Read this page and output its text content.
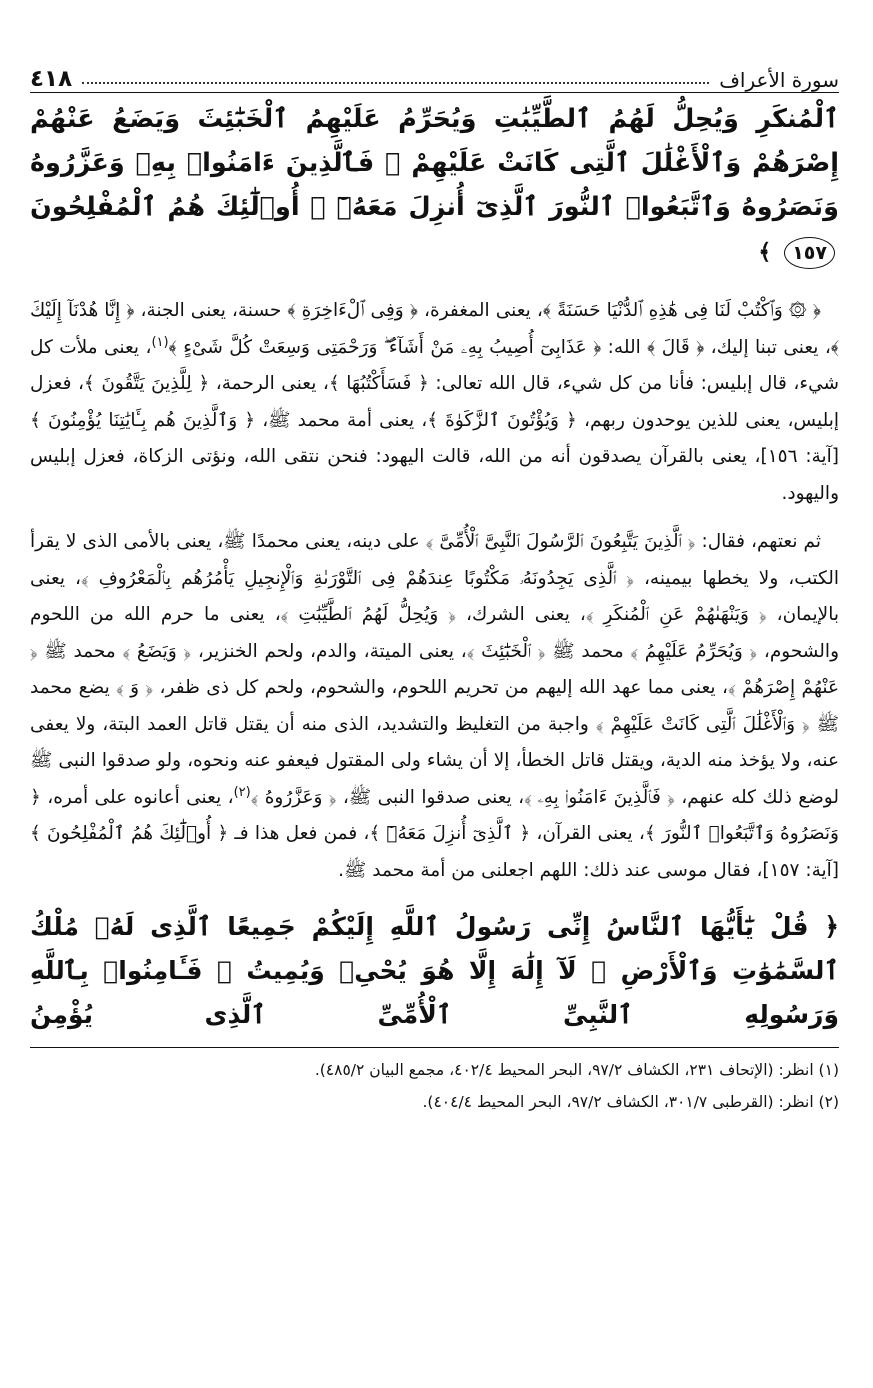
سورة الأعراف
٤١٨

ٱلْمُنكَرِ وَيُحِلُّ لَهُمُ ٱلطَّيِّبَٰتِ وَيُحَرِّمُ عَلَيْهِمُ ٱلْخَبَٰٓئِثَ وَيَضَعُ عَنْهُمْ إِصْرَهُمْ وَٱلْأَغْلَٰلَ ٱلَّتِى كَانَتْ عَلَيْهِمْ ۚ فَٱلَّذِينَ ءَامَنُوا۟ بِهِۦ وَعَزَّرُوهُ وَنَصَرُوهُ وَٱتَّبَعُوا۟ ٱلنُّورَ ٱلَّذِىٓ أُنزِلَ مَعَهُۥٓ ۙ أُو۟لَٰٓئِكَ هُمُ ٱلْمُفْلِحُونَ ١٥٧ ﴾

﴿ ۞ وَٱكْتُبْ لَنَا فِى هَٰذِهِ ٱلدُّنْيَا حَسَنَةً ﴾، يعنى المغفرة، ﴿ وَفِى ٱلْءَاخِرَةِ ﴾ حسنة، يعنى الجنة، ﴿ إِنَّا هُدْنَآ إِلَيْكَ ﴾، يعنى تبنا إليك، ﴿ قَالَ ﴾ الله: ﴿ عَذَابِىٓ أُصِيبُ بِهِۦ مَنْ أَشَآءُ ۖ وَرَحْمَتِى وَسِعَتْ كُلَّ شَىْءٍ ﴾$^{(١)}$، يعنى ملأت كل شيء، قال إبليس: فأنا من كل شيء، قال الله تعالى: ﴿ فَسَأَكْتُبُهَا ﴾، يعنى الرحمة، ﴿ لِلَّذِينَ يَتَّقُونَ ﴾، فعزل إبليس، يعنى للذين يوحدون ربهم، ﴿ وَيُؤْتُونَ ٱلزَّكَوٰةَ ﴾، يعنى أمة محمد ﷺ، ﴿ وَٱلَّذِينَ هُم بِـَٔايَٰتِنَا يُؤْمِنُونَ ﴾ [آية: ١٥٦]، يعنى بالقرآن يصدقون أنه من الله، قالت اليهود: فنحن نتقى الله، ونؤتى الزكاة، فعزل إبليس واليهود.

ثم نعتهم، فقال: ﴿ ٱلَّذِينَ يَتَّبِعُونَ ٱلرَّسُولَ ٱلنَّبِىَّ ٱلْأُمِّىَّ ﴾ على دينه، يعنى محمدًا ﷺ، يعنى بالأمى الذى لا يقرأ الكتب، ولا يخطها بيمينه، ﴿ ٱلَّذِى يَجِدُونَهُۥ مَكْتُوبًا عِندَهُمْ فِى ٱلتَّوْرَىٰةِ وَٱلْإِنجِيلِ يَأْمُرُهُم بِٱلْمَعْرُوفِ ﴾، يعنى بالإيمان، ﴿ وَيَنْهَىٰهُمْ عَنِ ٱلْمُنكَرِ ﴾، يعنى الشرك، ﴿ وَيُحِلُّ لَهُمُ ٱلطَّيِّبَٰتِ ﴾، يعنى ما حرم الله من اللحوم والشحوم، ﴿ وَيُحَرِّمُ عَلَيْهِمُ ﴾ محمد ﷺ ﴿ ٱلْخَبَٰٓئِثَ ﴾، يعنى الميتة، والدم، ولحم الخنزير، ﴿ وَيَضَعُ ﴾ محمد ﷺ ﴿ عَنْهُمْ إِصْرَهُمْ ﴾، يعنى مما عهد الله إليهم من تحريم اللحوم، والشحوم، ولحم كل ذى ظفر، ﴿ وَ ﴾ يضع محمد ﷺ ﴿ وَٱلْأَغْلَٰلَ ٱلَّتِى كَانَتْ عَلَيْهِمْ ﴾ واجبة من التغليظ والتشديد، الذى منه أن يقتل قاتل العمد البتة، ولا يعفى عنه، ولا يؤخذ منه الدية، ويقتل قاتل الخطأ، إلا أن يشاء ولى المقتول فيعفو عنه ونحوه، ولو صدقوا النبى ﷺ لوضع ذلك كله عنهم، ﴿ فَٱلَّذِينَ ءَامَنُوا۟ بِهِۦ ﴾، يعنى صدقوا النبى ﷺ، ﴿ وَعَزَّرُوهُ ﴾$^{(٢)}$، يعنى أعانوه على أمره، ﴿ وَنَصَرُوهُ وَٱتَّبَعُوا۟ ٱلنُّورَ ﴾، يعنى القرآن، ﴿ ٱلَّذِىٓ أُنزِلَ مَعَهُۥٓ ﴾، فمن فعل هذا فـ ﴿ أُو۟لَٰٓئِكَ هُمُ ٱلْمُفْلِحُونَ ﴾ [آية: ١٥٧]، فقال موسى عند ذلك: اللهم اجعلنى من أمة محمد ﷺ.

﴿ قُلْ يَٰٓأَيُّهَا ٱلنَّاسُ إِنِّى رَسُولُ ٱللَّهِ إِلَيْكُمْ جَمِيعًا ٱلَّذِى لَهُۥ مُلْكُ ٱلسَّمَٰوَٰتِ وَٱلْأَرْضِ ۖ لَآ إِلَٰهَ إِلَّا هُوَ يُحْىِۦ وَيُمِيتُ ۖ فَـَٔامِنُوا۟ بِٱللَّهِ وَرَسُولِهِ ٱلنَّبِىِّ ٱلْأُمِّىِّ ٱلَّذِى يُؤْمِنُ

(١) انظر: (الإتحاف ٢٣١، الكشاف ٩٧/٢، البحر المحيط ٤٠٢/٤، مجمع البيان ٤٨٥/٢).

(٢) انظر: (القرطبى ٣٠١/٧، الكشاف ٩٧/٢، البحر المحيط ٤٠٤/٤).
